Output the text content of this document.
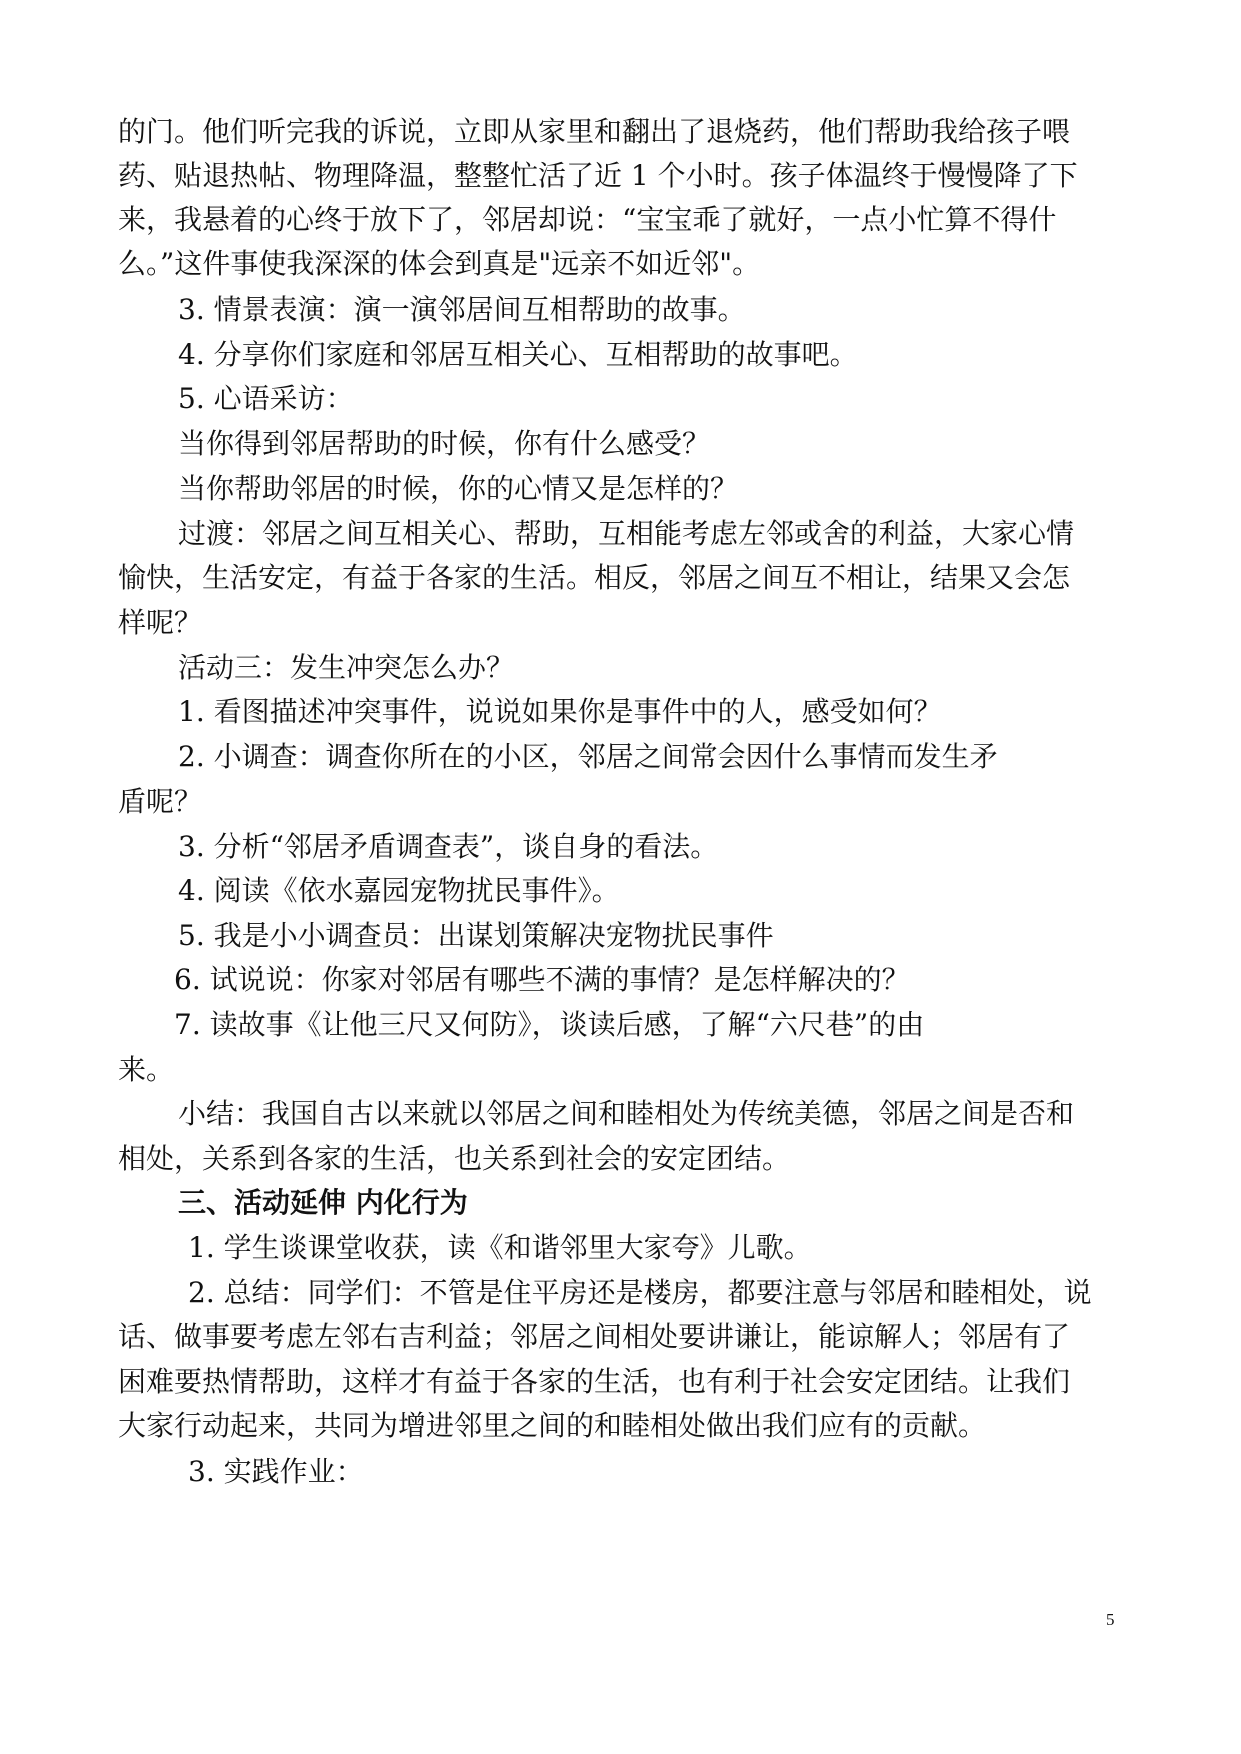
的门。他们听完我的诉说，立即从家里和翻出了退烧药，他们帮助我给孩子喂
药、贴退热帖、物理降温，整整忙活了近 1 个小时。孩子体温终于慢慢降了下
来，我悬着的心终于放下了，邻居却说：“宝宝乖了就好，一点小忙算不得什
么。”这件事使我深深的体会到真是"远亲不如近邻"。
3. 情景表演：演一演邻居间互相帮助的故事。
4. 分享你们家庭和邻居互相关心、互相帮助的故事吧。
5. 心语采访：
当你得到邻居帮助的时候，你有什么感受？
当你帮助邻居的时候，你的心情又是怎样的？
过渡：邻居之间互相关心、帮助，互相能考虑左邻或舍的利益，大家心情
愉快，生活安定，有益于各家的生活。相反，邻居之间互不相让，结果又会怎
样呢？
活动三：发生冲突怎么办？
1. 看图描述冲突事件，说说如果你是事件中的人，感受如何？
2. 小调查：调查你所在的小区，邻居之间常会因什么事情而发生矛
盾呢？
3. 分析“邻居矛盾调查表”，谈自身的看法。
4. 阅读《依水嘉园宠物扰民事件》。
5. 我是小小调查员：出谋划策解决宠物扰民事件
6. 试说说：你家对邻居有哪些不满的事情？是怎样解决的？
7. 读故事《让他三尺又何防》，谈读后感，了解“六尺巷”的由
来。
小结：我国自古以来就以邻居之间和睦相处为传统美德，邻居之间是否和
相处，关系到各家的生活，也关系到社会的安定团结。
三、活动延伸 内化行为
1. 学生谈课堂收获，读《和谐邻里大家夸》儿歌。
2. 总结：同学们：不管是住平房还是楼房，都要注意与邻居和睦相处，说
话、做事要考虑左邻右吉利益；邻居之间相处要讲谦让，能谅解人；邻居有了
困难要热情帮助，这样才有益于各家的生活，也有利于社会安定团结。让我们
大家行动起来，共同为增进邻里之间的和睦相处做出我们应有的贡献。
3. 实践作业：
5
